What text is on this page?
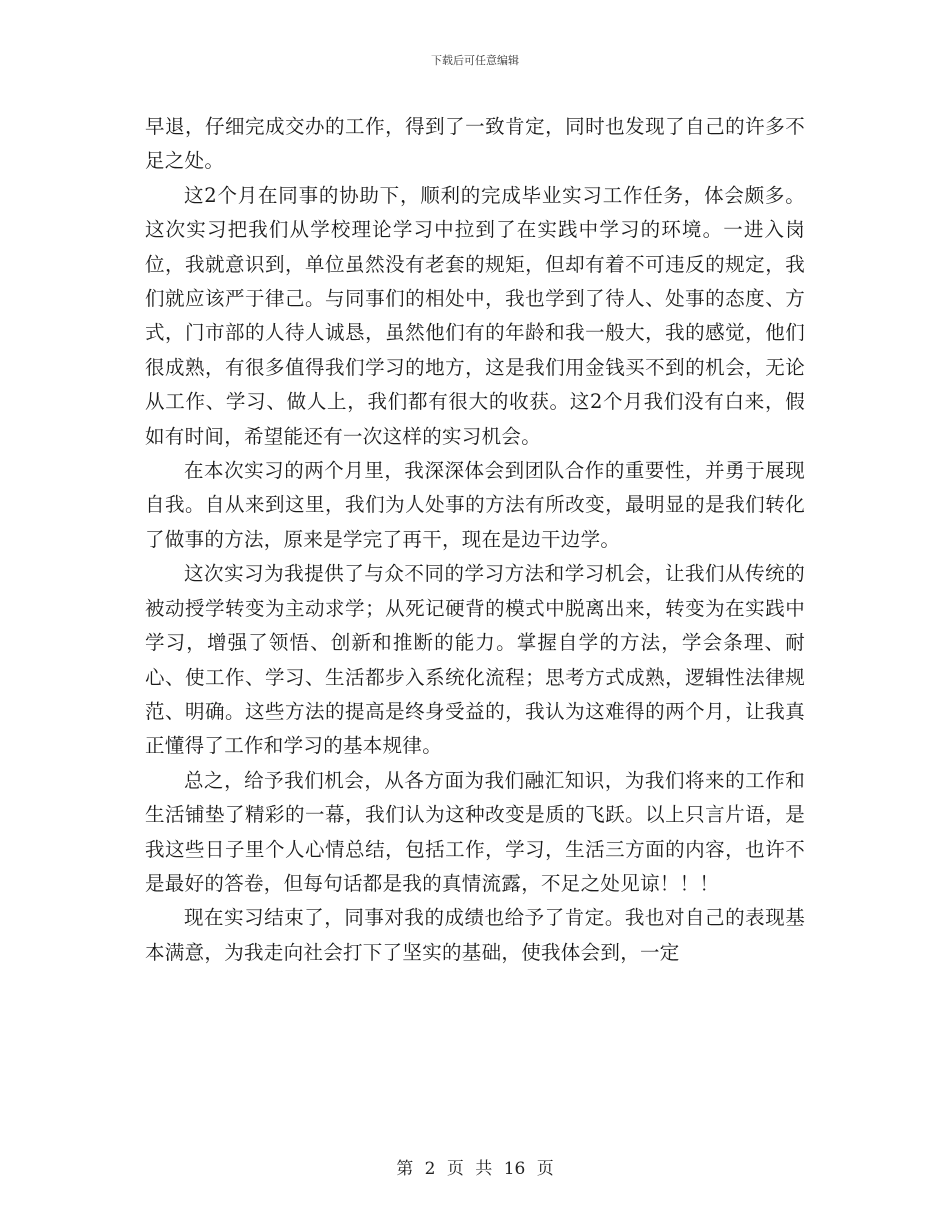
下载后可任意编辑

早退，仔细完成交办的工作，得到了一致肯定，同时也发现了自己的许多不足之处。

这2个月在同事的协助下，顺利的完成毕业实习工作任务，体会颇多。这次实习把我们从学校理论学习中拉到了在实践中学习的环境。一进入岗位，我就意识到，单位虽然没有老套的规矩，但却有着不可违反的规定，我们就应该严于律己。与同事们的相处中，我也学到了待人、处事的态度、方式，门市部的人待人诚恳，虽然他们有的年龄和我一般大，我的感觉，他们很成熟，有很多值得我们学习的地方，这是我们用金钱买不到的机会，无论从工作、学习、做人上，我们都有很大的收获。这2个月我们没有白来，假如有时间，希望能还有一次这样的实习机会。

在本次实习的两个月里，我深深体会到团队合作的重要性，并勇于展现自我。自从来到这里，我们为人处事的方法有所改变，最明显的是我们转化了做事的方法，原来是学完了再干，现在是边干边学。

这次实习为我提供了与众不同的学习方法和学习机会，让我们从传统的被动授学转变为主动求学；从死记硬背的模式中脱离出来，转变为在实践中学习，增强了领悟、创新和推断的能力。掌握自学的方法，学会条理、耐心、使工作、学习、生活都步入系统化流程；思考方式成熟，逻辑性法律规范、明确。这些方法的提高是终身受益的，我认为这难得的两个月，让我真正懂得了工作和学习的基本规律。

总之，给予我们机会，从各方面为我们融汇知识，为我们将来的工作和生活铺垫了精彩的一幕，我们认为这种改变是质的飞跃。以上只言片语，是我这些日子里个人心情总结，包括工作，学习，生活三方面的内容，也许不是最好的答卷，但每句话都是我的真情流露，不足之处见谅！！！

现在实习结束了，同事对我的成绩也给予了肯定。我也对自己的表现基本满意，为我走向社会打下了坚实的基础，使我体会到，一定

第 2 页 共 16 页
